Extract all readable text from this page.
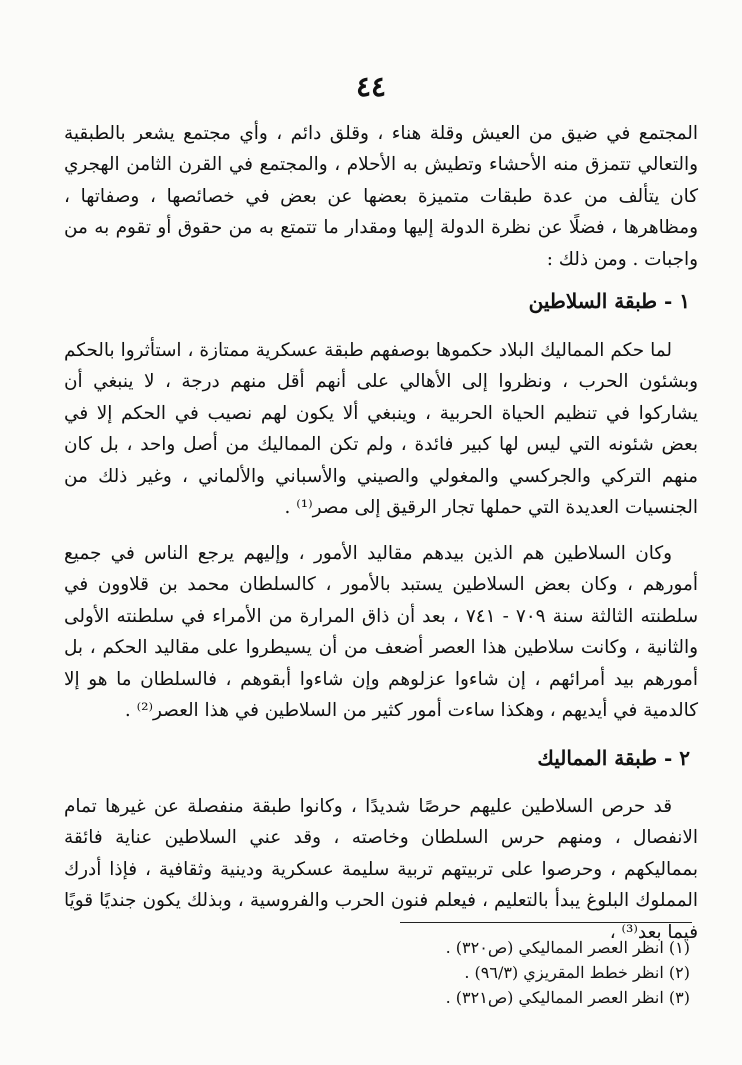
٤٤
المجتمع في ضيق من العيش وقلة هناء ، وقلق دائم ، وأي مجتمع يشعر بالطبقية والتعالي تتمزق منه الأحشاء وتطيش به الأحلام ، والمجتمع في القرن الثامن الهجري كان يتألف من عدة طبقات متميزة بعضها عن بعض في خصائصها ، وصفاتها ، ومظاهرها ، فضلًا عن نظرة الدولة إليها ومقدار ما تتمتع به من حقوق أو تقوم به من واجبات . ومن ذلك :
١ - طبقة السلاطين
لما حكم المماليك البلاد حكموها بوصفهم طبقة عسكرية ممتازة ، استأثروا بالحكم وبشئون الحرب ، ونظروا إلى الأهالي على أنهم أقل منهم درجة ، لا ينبغي أن يشاركوا في تنظيم الحياة الحربية ، وينبغي ألا يكون لهم نصيب في الحكم إلا في بعض شئونه التي ليس لها كبير فائدة ، ولم تكن المماليك من أصل واحد ، بل كان منهم التركي والجركسي والمغولي والصيني والأسباني والألماني ، وغير ذلك من الجنسيات العديدة التي حملها تجار الرقيق إلى مصر⁽¹⁾ .
وكان السلاطين هم الذين بيدهم مقاليد الأمور ، وإليهم يرجع الناس في جميع أمورهم ، وكان بعض السلاطين يستبد بالأمور ، كالسلطان محمد بن قلاوون في سلطنته الثالثة سنة ٧٠٩ - ٧٤١ ، بعد أن ذاق المرارة من الأمراء في سلطنته الأولى والثانية ، وكانت سلاطين هذا العصر أضعف من أن يسيطروا على مقاليد الحكم ، بل أمورهم بيد أمرائهم ، إن شاءوا عزلوهم وإن شاءوا أبقوهم ، فالسلطان ما هو إلا كالدمية في أيديهم ، وهكذا ساءت أمور كثير من السلاطين في هذا العصر⁽²⁾ .
٢ - طبقة المماليك
قد حرص السلاطين عليهم حرصًا شديدًا ، وكانوا طبقة منفصلة عن غيرها تمام الانفصال ، ومنهم حرس السلطان وخاصته ، وقد عني السلاطين عناية فائقة بمماليكهم ، وحرصوا على تربيتهم تربية سليمة عسكرية ودينية وثقافية ، فإذا أدرك المملوك البلوغ يبدأ بالتعليم ، فيعلم فنون الحرب والفروسية ، وبذلك يكون جنديًا قويًا فيما بعد⁽³⁾ ،
(١) انظر العصر المماليكي (ص٣٢٠) .
(٢) انظر خطط المقريزي (٩٦/٣) .
(٣) انظر العصر المماليكي (ص٣٢١) .
